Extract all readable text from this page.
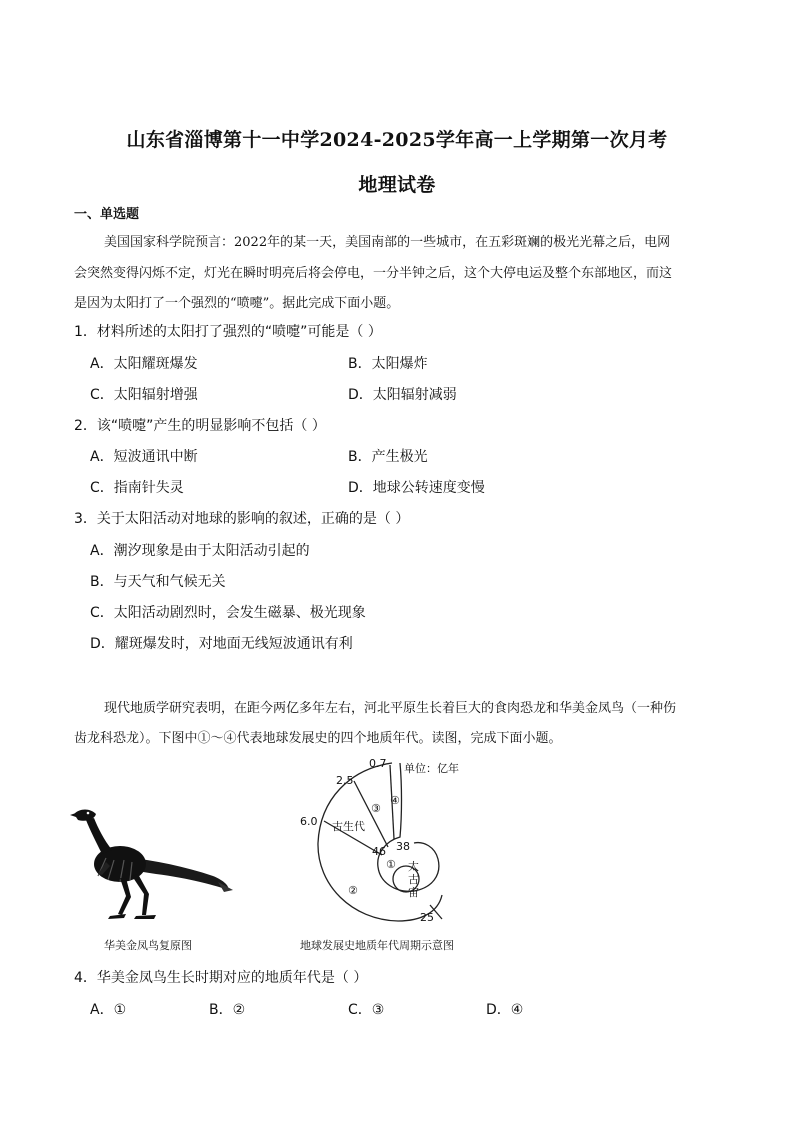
山东省淄博第十一中学2024-2025学年高一上学期第一次月考
地理试卷
一、单选题
美国国家科学院预言：2022年的某一天，美国南部的一些城市，在五彩斑斓的极光光幕之后，电网
会突然变得闪烁不定，灯光在瞬时明亮后将会停电，一分半钟之后，这个大停电运及整个东部地区，而这
是因为太阳打了一个强烈的“喷嚏”。据此完成下面小题。
1．材料所述的太阳打了强烈的“喷嚏”可能是（ ）
A．太阳耀斑爆发	B．太阳爆炸
C．太阳辐射增强	D．太阳辐射减弱
2．该“喷嚏”产生的明显影响不包括（ ）
A．短波通讯中断	B．产生极光
C．指南针失灵	D．地球公转速度变慢
3．关于太阳活动对地球的影响的叙述，正确的是（ ）
A．潮汐现象是由于太阳活动引起的
B．与天气和气候无关
C．太阳活动剧烈时，会发生磁暴、极光现象
D．耀斑爆发时，对地面无线短波通讯有利
现代地质学研究表明，在距今两亿多年左右，河北平原生长着巨大的食肉恐龙和华美金凤鸟（一种伤
齿龙科恐龙）。下图中①～④代表地球发展史的四个地质年代。读图，完成下面小题。
华美金凤鸟复原图
0.7 单位：亿年
2.5
6.0 古生代
③
④
46 38
① 太
古
宙
②
25
地球发展史地质年代周期示意图
4．华美金凤鸟生长时期对应的地质年代是（ ）
A．①	B．②	C．③	D．④
